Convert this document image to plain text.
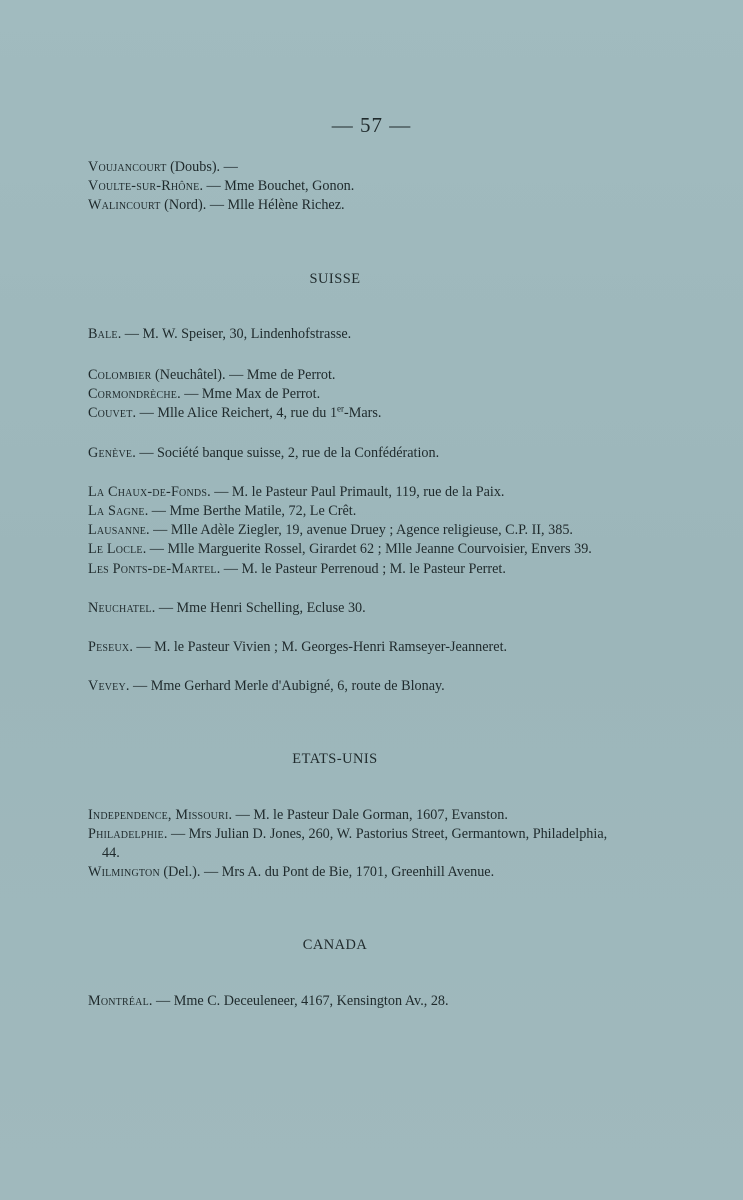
— 57 —

Voujancourt (Doubs). —

Voulte-sur-Rhône. — Mme Bouchet, Gonon.

Walincourt (Nord). — Mlle Hélène Richez.

SUISSE

Bale. — M. W. Speiser, 30, Lindenhofstrasse.

Colombier (Neuchâtel). — Mme de Perrot.

Cormondrèche. — Mme Max de Perrot.

Couvet. — Mlle Alice Reichert, 4, rue du 1er-Mars.

Genève. — Société banque suisse, 2, rue de la Confédération.

La Chaux-de-Fonds. — M. le Pasteur Paul Primault, 119, rue de la Paix.

La Sagne. — Mme Berthe Matile, 72, Le Crêt.

Lausanne. — Mlle Adèle Ziegler, 19, avenue Druey ; Agence religieuse, C.P. II, 385.

Le Locle. — Mlle Marguerite Rossel, Girardet 62 ; Mlle Jeanne Courvoisier, Envers 39.

Les Ponts-de-Martel. — M. le Pasteur Perrenoud ; M. le Pasteur Perret.

Neuchatel. — Mme Henri Schelling, Ecluse 30.

Peseux. — M. le Pasteur Vivien ; M. Georges-Henri Ramseyer-Jeanneret.

Vevey. — Mme Gerhard Merle d'Aubigné, 6, route de Blonay.

ETATS-UNIS

Independence, Missouri. — M. le Pasteur Dale Gorman, 1607, Evanston.

Philadelphie. — Mrs Julian D. Jones, 260, W. Pastorius Street, Germantown, Philadelphia, 44.

Wilmington (Del.). — Mrs A. du Pont de Bie, 1701, Greenhill Avenue.

CANADA

Montréal. — Mme C. Deceuleneer, 4167, Kensington Av., 28.
